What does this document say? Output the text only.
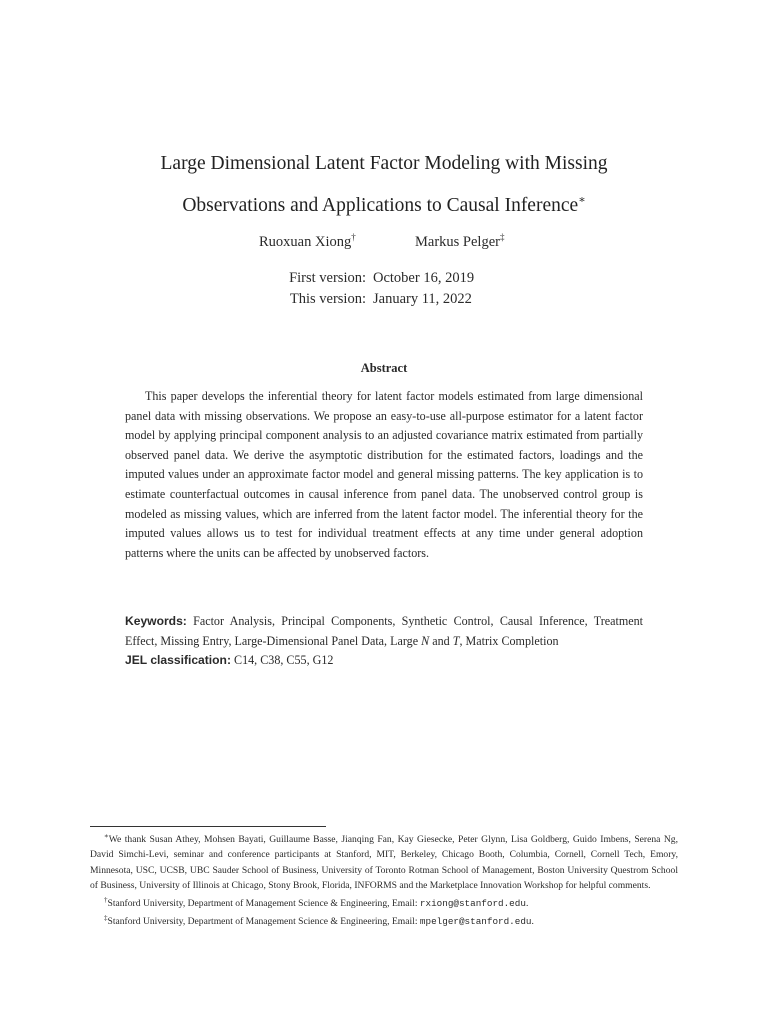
Large Dimensional Latent Factor Modeling with Missing
Observations and Applications to Causal Inference∗
Ruoxuan Xiong†	Markus Pelger‡
First version: October 16, 2019
This version: January 11, 2022
Abstract
This paper develops the inferential theory for latent factor models estimated from large dimensional panel data with missing observations. We propose an easy-to-use all-purpose estimator for a latent factor model by applying principal component analysis to an adjusted covariance matrix estimated from partially observed panel data. We derive the asymptotic distribution for the estimated factors, loadings and the imputed values under an approximate factor model and general missing patterns. The key application is to estimate counterfactual outcomes in causal inference from panel data. The unobserved control group is modeled as missing values, which are inferred from the latent factor model. The inferential theory for the imputed values allows us to test for individual treatment effects at any time under general adoption patterns where the units can be affected by unobserved factors.
Keywords: Factor Analysis, Principal Components, Synthetic Control, Causal Inference, Treatment Effect, Missing Entry, Large-Dimensional Panel Data, Large N and T, Matrix Completion
JEL classification: C14, C38, C55, G12
∗We thank Susan Athey, Mohsen Bayati, Guillaume Basse, Jianqing Fan, Kay Giesecke, Peter Glynn, Lisa Goldberg, Guido Imbens, Serena Ng, David Simchi-Levi, seminar and conference participants at Stanford, MIT, Berkeley, Chicago Booth, Columbia, Cornell, Cornell Tech, Emory, Minnesota, USC, UCSB, UBC Sauder School of Business, University of Toronto Rotman School of Management, Boston University Questrom School of Business, University of Illinois at Chicago, Stony Brook, Florida, INFORMS and the Marketplace Innovation Workshop for helpful comments.
†Stanford University, Department of Management Science & Engineering, Email: rxiong@stanford.edu.
‡Stanford University, Department of Management Science & Engineering, Email: mpelger@stanford.edu.
